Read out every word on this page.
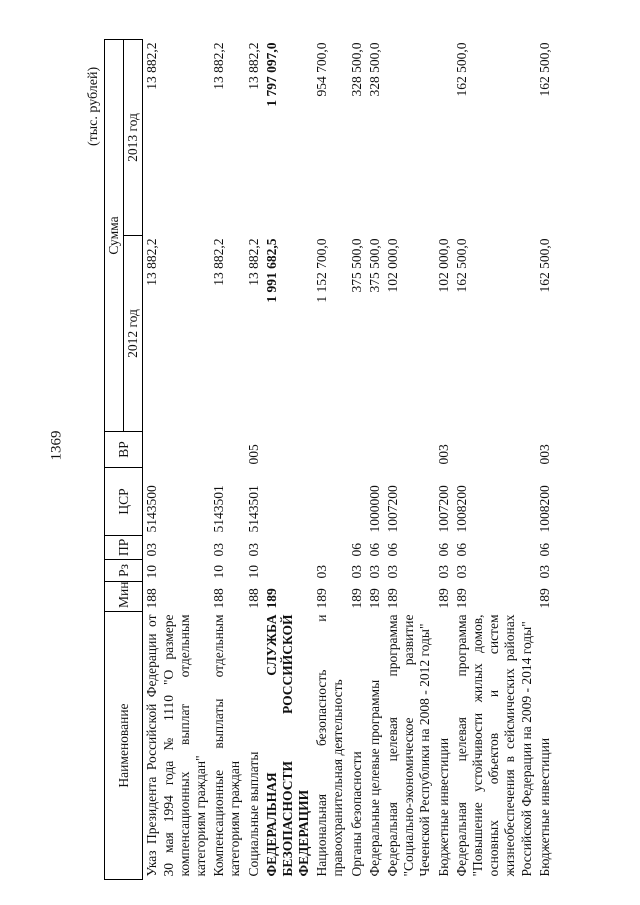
1369
(тыс. рублей)
Наименование	Мин	Рз	ПР	ЦСР	ВР	Сумма	
						2012 год	2013 год
Указ Президента Российской Федерации от 30 мая 1994 года № 1110 "О размере компенсационных выплат отдельным категориям граждан"	188	10	03	5143500		13 882,2	13 882,2
Компенсационные выплаты отдельным категориям граждан	188	10	03	5143501		13 882,2	13 882,2
Социальные выплаты	188	10	03	5143501	005	13 882,2	13 882,2
ФЕДЕРАЛЬНАЯ СЛУЖБА БЕЗОПАСНОСТИ РОССИЙСКОЙ ФЕДЕРАЦИИ	189					1 991 682,5	1 797 097,0
Национальная безопасность и правоохранительная деятельность	189	03				1 152 700,0	954 700,0
Органы безопасности	189	03	06			375 500,0	328 500,0
Федеральные целевые программы	189	03	06	1000000		375 500,0	328 500,0
Федеральная целевая программа "Социально-экономическое развитие Чеченской Республики на 2008 - 2012 годы"	189	03	06	1007200		102 000,0	
Бюджетные инвестиции	189	03	06	1007200	003	102 000,0	
Федеральная целевая программа "Повышение устойчивости жилых домов, основных объектов и систем жизнеобеспечения в сейсмических районах Российской Федерации на 2009 - 2014 годы"	189	03	06	1008200		162 500,0	162 500,0
Бюджетные инвестиции	189	03	06	1008200	003	162 500,0	162 500,0
